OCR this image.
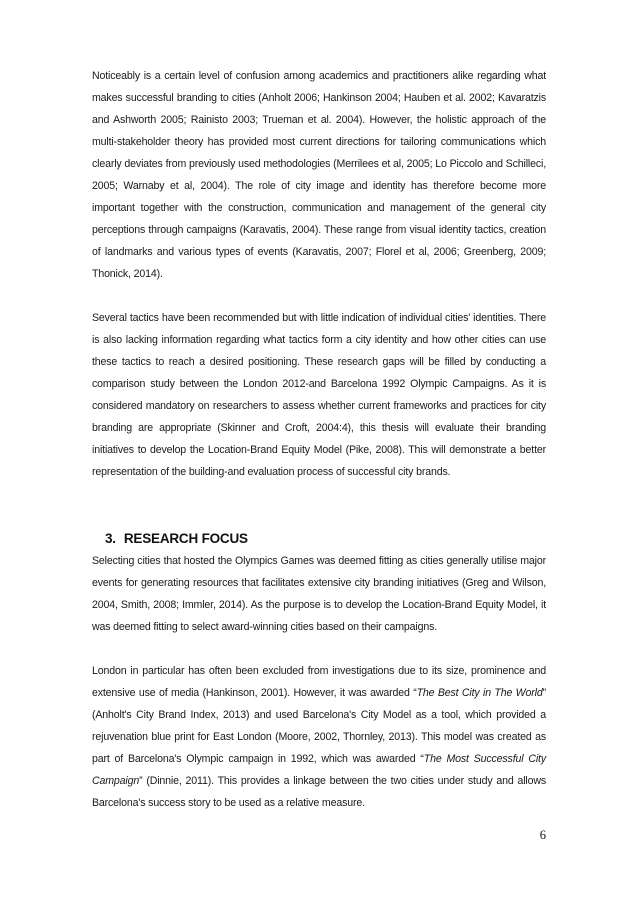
Noticeably is a certain level of confusion among academics and practitioners alike regarding what makes successful branding to cities (Anholt 2006; Hankinson 2004; Hauben et al. 2002; Kavaratzis and Ashworth 2005; Rainisto 2003; Trueman et al. 2004). However, the holistic approach of the multi-stakeholder theory has provided most current directions for tailoring communications which clearly deviates from previously used methodologies (Merrilees et al, 2005; Lo Piccolo and Schilleci, 2005; Warnaby et al, 2004). The role of city image and identity has therefore become more important together with the construction, communication and management of the general city perceptions through campaigns (Karavatis, 2004). These range from visual identity tactics, creation of landmarks and various types of events (Karavatis, 2007; Florel et al, 2006; Greenberg, 2009; Thonick, 2014).

Several tactics have been recommended but with little indication of individual cities' identities. There is also lacking information regarding what tactics form a city identity and how other cities can use these tactics to reach a desired positioning. These research gaps will be filled by conducting a comparison study between the London 2012-and Barcelona 1992 Olympic Campaigns. As it is considered mandatory on researchers to assess whether current frameworks and practices for city branding are appropriate (Skinner and Croft, 2004:4), this thesis will evaluate their branding initiatives to develop the Location-Brand Equity Model (Pike, 2008). This will demonstrate a better representation of the building-and evaluation process of successful city brands.

3. RESEARCH FOCUS

Selecting cities that hosted the Olympics Games was deemed fitting as cities generally utilise major events for generating resources that facilitates extensive city branding initiatives (Greg and Wilson, 2004, Smith, 2008; Immler, 2014). As the purpose is to develop the Location-Brand Equity Model, it was deemed fitting to select award-winning cities based on their campaigns.

London in particular has often been excluded from investigations due to its size, prominence and extensive use of media (Hankinson, 2001). However, it was awarded “The Best City in The World” (Anholt's City Brand Index, 2013) and used Barcelona's City Model as a tool, which provided a rejuvenation blue print for East London (Moore, 2002, Thornley, 2013). This model was created as part of Barcelona's Olympic campaign in 1992, which was awarded “The Most Successful City Campaign” (Dinnie, 2011). This provides a linkage between the two cities under study and allows Barcelona's success story to be used as a relative measure.

6
